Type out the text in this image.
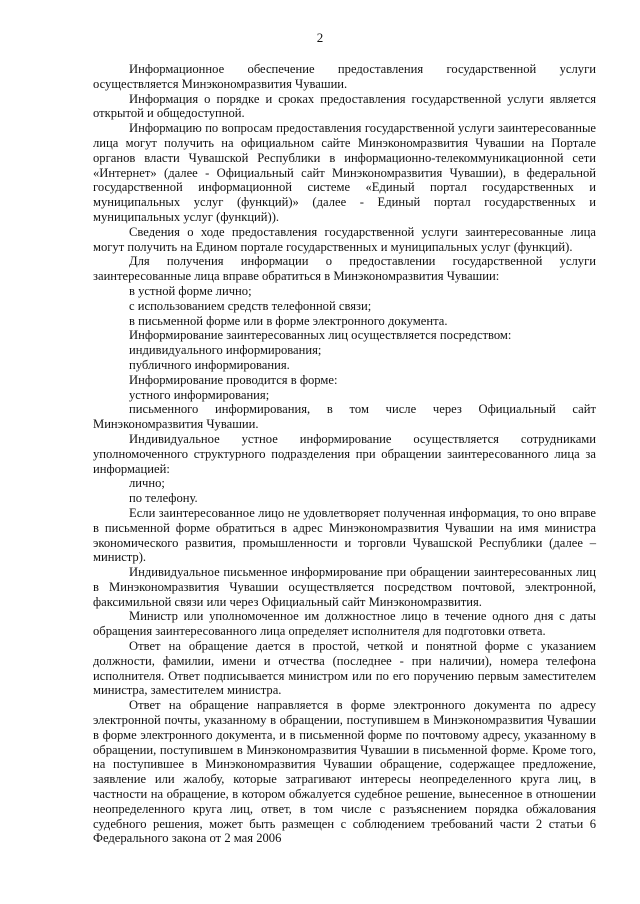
2

Информационное обеспечение предоставления государственной услуги осуществляется Минэкономразвития Чувашии.

Информация о порядке и сроках предоставления государственной услуги является открытой и общедоступной.

Информацию по вопросам предоставления государственной услуги заинтересованные лица могут получить на официальном сайте Минэкономразвития Чувашии на Портале органов власти Чувашской Республики в информационно-телекоммуникационной сети «Интернет» (далее - Официальный сайт Минэкономразвития Чувашии), в федеральной государственной информационной системе «Единый портал государственных и муниципальных услуг (функций)» (далее - Единый портал государственных и муниципальных услуг (функций)).

Сведения о ходе предоставления государственной услуги заинтересованные лица могут получить на Едином портале государственных и муниципальных услуг (функций).

Для получения информации о предоставлении государственной услуги заинтересованные лица вправе обратиться в Минэкономразвития Чувашии:

в устной форме лично;

с использованием средств телефонной связи;

в письменной форме или в форме электронного документа.

Информирование заинтересованных лиц осуществляется посредством:

индивидуального информирования;

публичного информирования.

Информирование проводится в форме:

устного информирования;

письменного информирования, в том числе через Официальный сайт Минэкономразвития Чувашии.

Индивидуальное устное информирование осуществляется сотрудниками уполномоченного структурного подразделения при обращении заинтересованного лица за информацией:

лично;

по телефону.

Если заинтересованное лицо не удовлетворяет полученная информация, то оно вправе в письменной форме обратиться в адрес Минэкономразвития Чувашии на имя министра экономического развития, промышленности и торговли Чувашской Республики (далее – министр).

Индивидуальное письменное информирование при обращении заинтересованных лиц в Минэкономразвития Чувашии осуществляется посредством почтовой, электронной, факсимильной связи или через Официальный сайт Минэкономразвития.

Министр или уполномоченное им должностное лицо в течение одного дня с даты обращения заинтересованного лица определяет исполнителя для подготовки ответа.

Ответ на обращение дается в простой, четкой и понятной форме с указанием должности, фамилии, имени и отчества (последнее - при наличии), номера телефона исполнителя. Ответ подписывается министром или по его поручению первым заместителем министра, заместителем министра.

Ответ на обращение направляется в форме электронного документа по адресу электронной почты, указанному в обращении, поступившем в Минэкономразвития Чувашии в форме электронного документа, и в письменной форме по почтовому адресу, указанному в обращении, поступившем в Минэкономразвития Чувашии в письменной форме. Кроме того, на поступившее в Минэкономразвития Чувашии обращение, содержащее предложение, заявление или жалобу, которые затрагивают интересы неопределенного круга лиц, в частности на обращение, в котором обжалуется судебное решение, вынесенное в отношении неопределенного круга лиц, ответ, в том числе с разъяснением порядка обжалования судебного решения, может быть размещен с соблюдением требований части 2 статьи 6 Федерального закона от 2 мая 2006
